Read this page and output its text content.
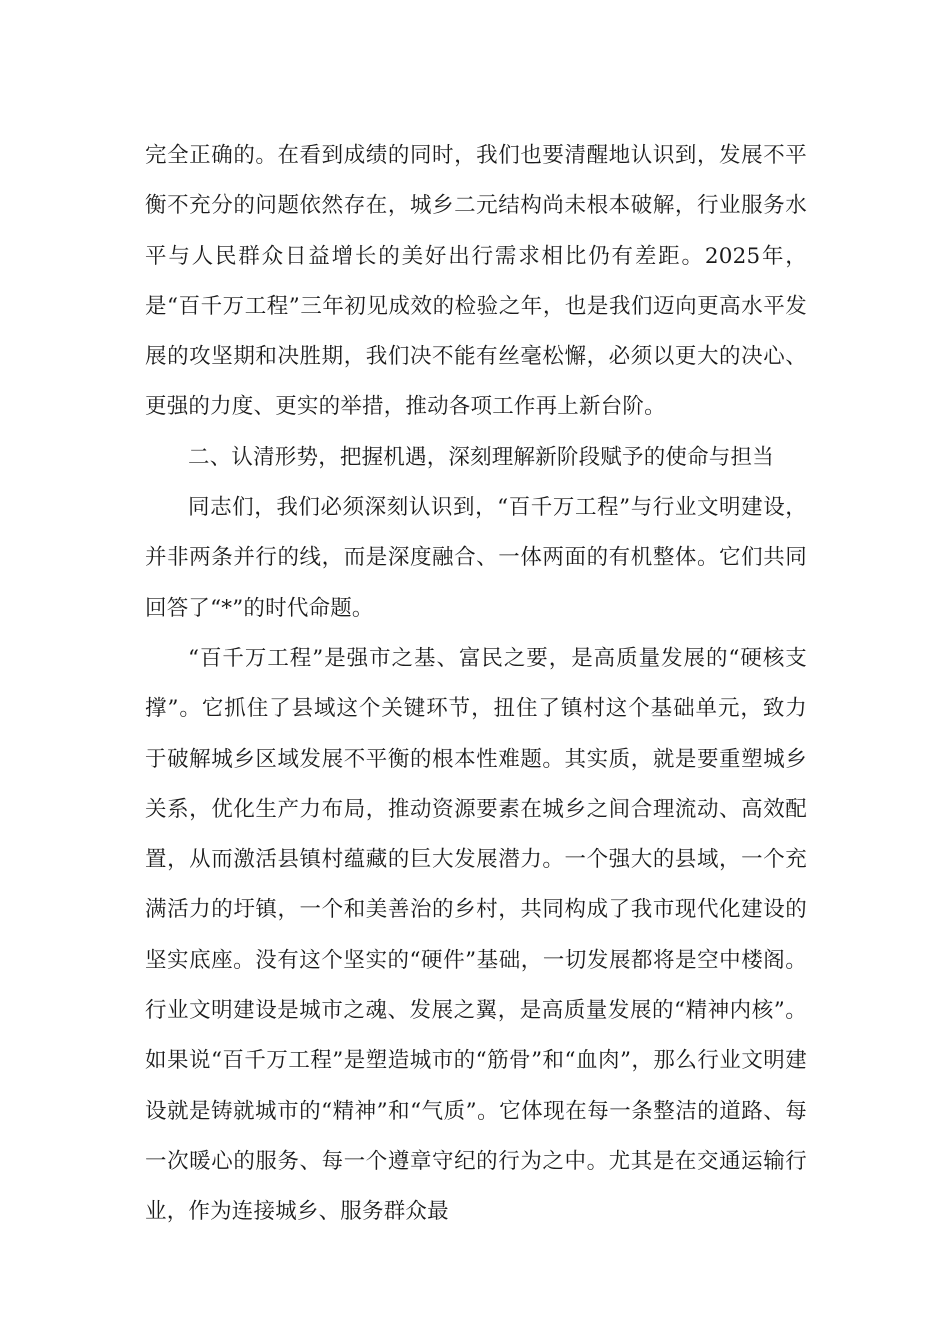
完全正确的。在看到成绩的同时，我们也要清醒地认识到，发展不平衡不充分的问题依然存在，城乡二元结构尚未根本破解，行业服务水平与人民群众日益增长的美好出行需求相比仍有差距。2025年，是“百千万工程”三年初见成效的检验之年，也是我们迈向更高水平发展的攻坚期和决胜期，我们决不能有丝毫松懈，必须以更大的决心、更强的力度、更实的举措，推动各项工作再上新台阶。

二、认清形势，把握机遇，深刻理解新阶段赋予的使命与担当

同志们，我们必须深刻认识到，“百千万工程”与行业文明建设，并非两条并行的线，而是深度融合、一体两面的有机整体。它们共同回答了“*”的时代命题。

“百千万工程”是强市之基、富民之要，是高质量发展的“硬核支撑”。它抓住了县域这个关键环节，扭住了镇村这个基础单元，致力于破解城乡区域发展不平衡的根本性难题。其实质，就是要重塑城乡关系，优化生产力布局，推动资源要素在城乡之间合理流动、高效配置，从而激活县镇村蕴藏的巨大发展潜力。一个强大的县域，一个充满活力的圩镇，一个和美善治的乡村，共同构成了我市现代化建设的坚实底座。没有这个坚实的“硬件”基础，一切发展都将是空中楼阁。行业文明建设是城市之魂、发展之翼，是高质量发展的“精神内核”。如果说“百千万工程”是塑造城市的“筋骨”和“血肉”，那么行业文明建设就是铸就城市的“精神”和“气质”。它体现在每一条整洁的道路、每一次暖心的服务、每一个遵章守纪的行为之中。尤其是在交通运输行业，作为连接城乡、服务群众最
